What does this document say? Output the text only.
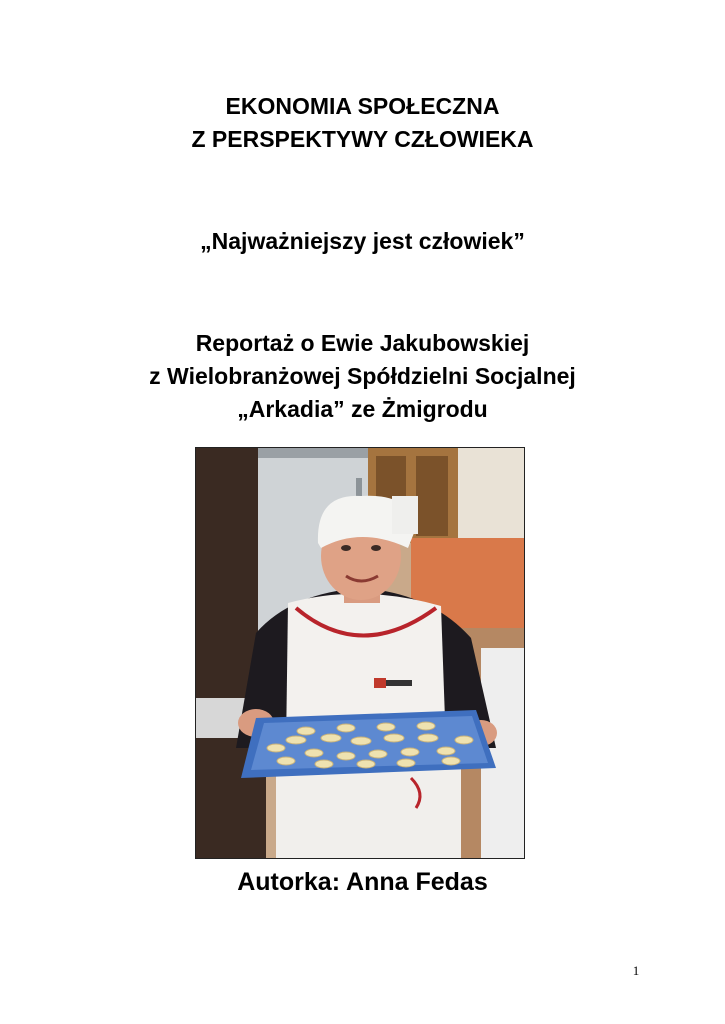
EKONOMIA SPOŁECZNA
Z PERSPEKTYWY CZŁOWIEKA
„Najważniejszy jest człowiek”
Reportaż o Ewie Jakubowskiej
z Wielobranżowej Spółdzielni Socjalnej
„Arkadia” ze Żmigrodu
Autorka: Anna Fedas
1
